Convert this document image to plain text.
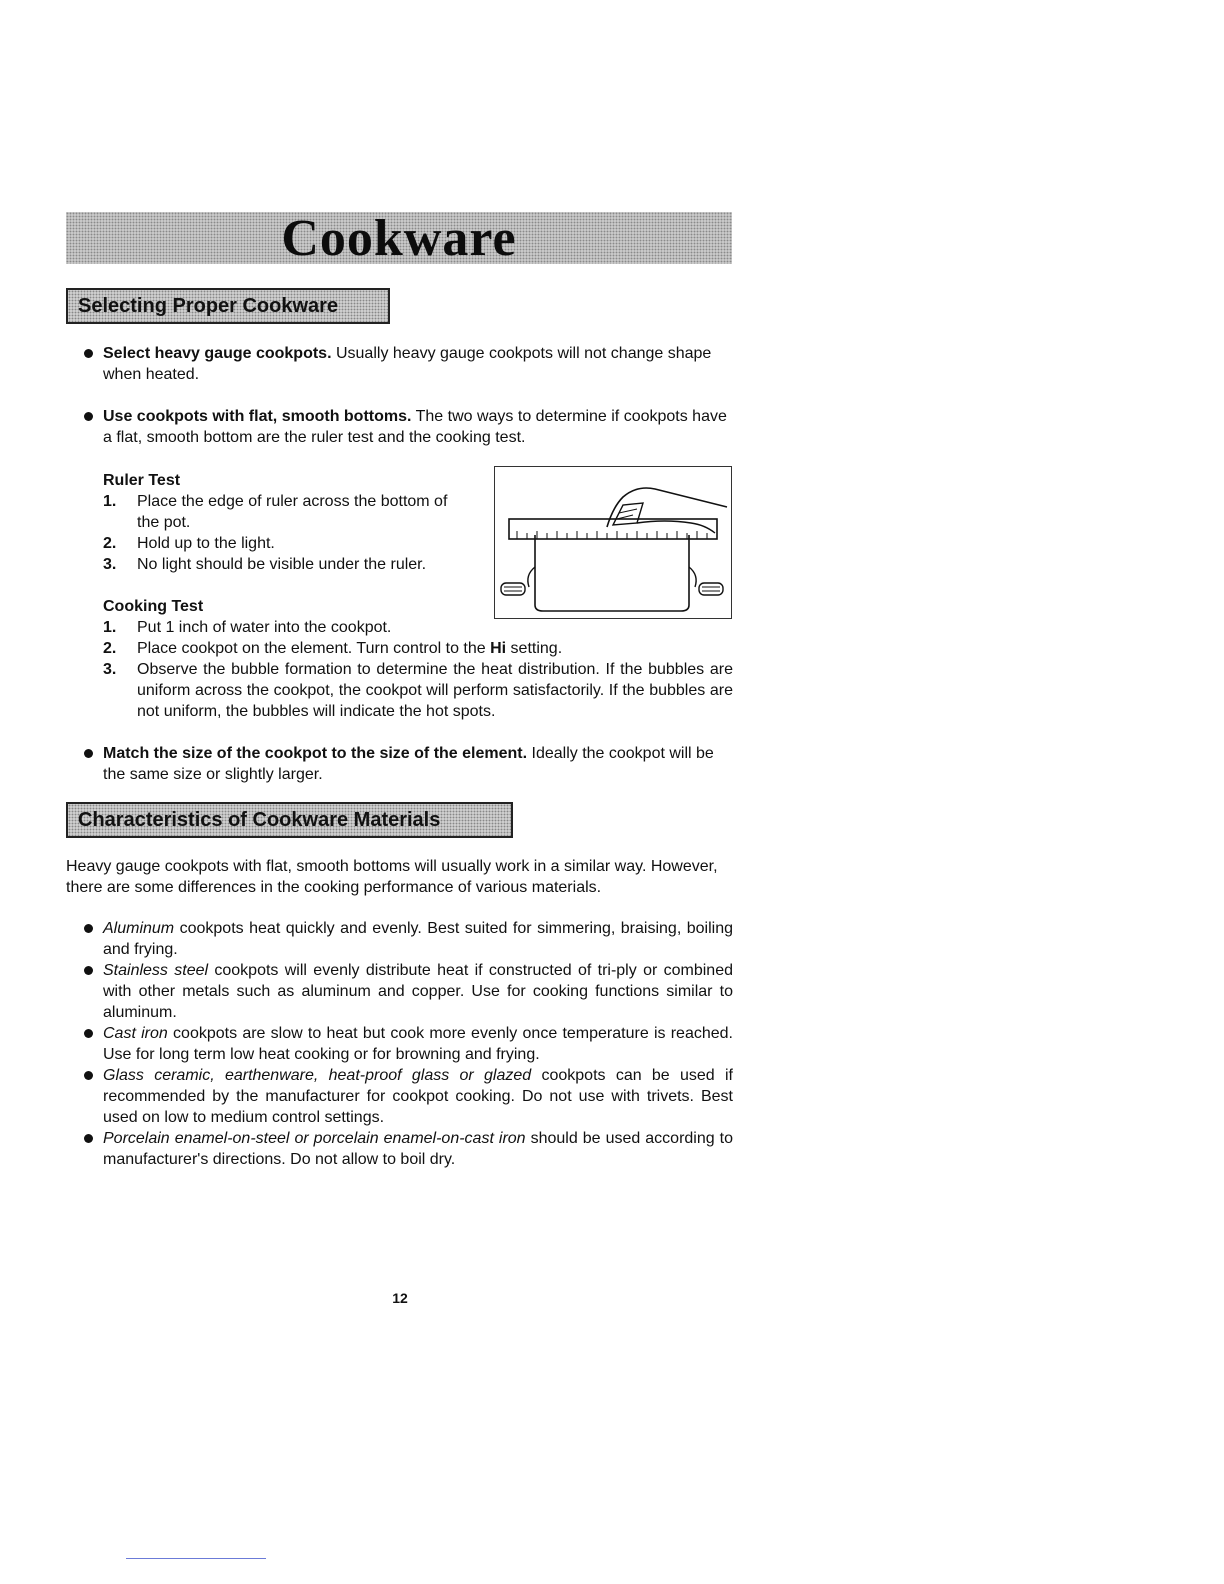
Cookware
Selecting Proper Cookware
Select heavy gauge cookpots. Usually heavy gauge cookpots will not change shape when heated.
Use cookpots with flat, smooth bottoms. The two ways to determine if cookpots have a flat, smooth bottom are the ruler test and the cooking test.
Ruler Test
1. Place the edge of ruler across the bottom of the pot.
2. Hold up to the light.
3. No light should be visible under the ruler.
Cooking Test
1. Put 1 inch of water into the cookpot.
2. Place cookpot on the element. Turn control to the Hi setting.
3. Observe the bubble formation to determine the heat distribution. If the bubbles are uniform across the cookpot, the cookpot will perform satisfactorily. If the bubbles are not uniform, the bubbles will indicate the hot spots.
Match the size of the cookpot to the size of the element. Ideally the cookpot will be the same size or slightly larger.
Characteristics of Cookware Materials
Heavy gauge cookpots with flat, smooth bottoms will usually work in a similar way. However, there are some differences in the cooking performance of various materials.
Aluminum cookpots heat quickly and evenly. Best suited for simmering, braising, boiling and frying.
Stainless steel cookpots will evenly distribute heat if constructed of tri-ply or combined with other metals such as aluminum and copper. Use for cooking functions similar to aluminum.
Cast iron cookpots are slow to heat but cook more evenly once temperature is reached. Use for long term low heat cooking or for browning and frying.
Glass ceramic, earthenware, heat-proof glass or glazed cookpots can be used if recommended by the manufacturer for cookpot cooking. Do not use with trivets. Best used on low to medium control settings.
Porcelain enamel-on-steel or porcelain enamel-on-cast iron should be used according to manufacturer's directions. Do not allow to boil dry.
12
